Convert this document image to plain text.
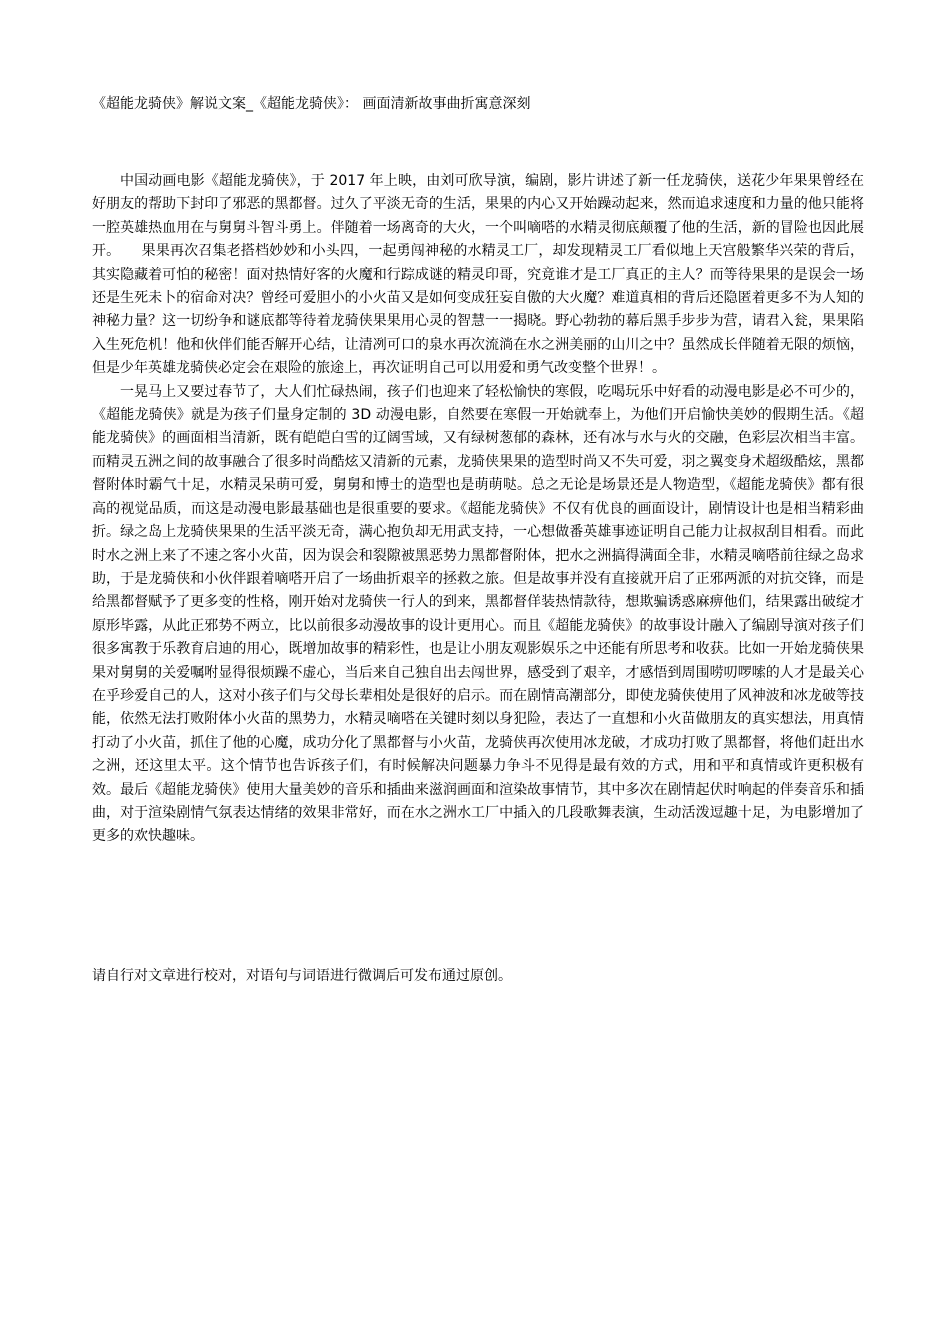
《超能龙骑侠》解说文案_《超能龙骑侠》： 画面清新故事曲折寓意深刻

中国动画电影《超能龙骑侠》，于 2017 年上映，由刘可欣导演，编剧，影片讲述了新一任龙骑侠，送花少年果果曾经在好朋友的帮助下封印了邪恶的黑都督。过久了平淡无奇的生活，果果的内心又开始躁动起来，然而追求速度和力量的他只能将一腔英雄热血用在与舅舅斗智斗勇上。伴随着一场离奇的大火，一个叫嘀嗒的水精灵彻底颠覆了他的生活，新的冒险也因此展开。　　果果再次召集老搭档妙妙和小头四，一起勇闯神秘的水精灵工厂，却发现精灵工厂看似地上天宫般繁华兴荣的背后，其实隐藏着可怕的秘密！面对热情好客的火魔和行踪成谜的精灵印哥，究竟谁才是工厂真正的主人？而等待果果的是误会一场还是生死未卜的宿命对决？曾经可爱胆小的小火苗又是如何变成狂妄自傲的大火魔？难道真相的背后还隐匿着更多不为人知的神秘力量？这一切纷争和谜底都等待着龙骑侠果果用心灵的智慧一一揭晓。野心勃勃的幕后黑手步步为营，请君入瓮，果果陷入生死危机！他和伙伴们能否解开心结，让清冽可口的泉水再次流淌在水之洲美丽的山川之中？虽然成长伴随着无限的烦恼，但是少年英雄龙骑侠必定会在艰险的旅途上，再次证明自己可以用爱和勇气改变整个世界！。

一晃马上又要过春节了，大人们忙碌热闹，孩子们也迎来了轻松愉快的寒假，吃喝玩乐中好看的动漫电影是必不可少的，《超能龙骑侠》就是为孩子们量身定制的 3D 动漫电影，自然要在寒假一开始就奉上，为他们开启愉快美妙的假期生活。《超能龙骑侠》的画面相当清新，既有皑皑白雪的辽阔雪域，又有绿树葱郁的森林，还有冰与水与火的交融，色彩层次相当丰富。而精灵五洲之间的故事融合了很多时尚酷炫又清新的元素，龙骑侠果果的造型时尚又不失可爱，羽之翼变身术超级酷炫，黑都督附体时霸气十足，水精灵呆萌可爱，舅舅和博士的造型也是萌萌哒。总之无论是场景还是人物造型，《超能龙骑侠》都有很高的视觉品质，而这是动漫电影最基础也是很重要的要求。《超能龙骑侠》不仅有优良的画面设计，剧情设计也是相当精彩曲折。绿之岛上龙骑侠果果的生活平淡无奇，满心抱负却无用武支持，一心想做番英雄事迹证明自己能力让叔叔刮目相看。而此时水之洲上来了不速之客小火苗，因为误会和裂隙被黑恶势力黑都督附体，把水之洲搞得满面全非，水精灵嘀嗒前往绿之岛求助，于是龙骑侠和小伙伴跟着嘀嗒开启了一场曲折艰辛的拯救之旅。但是故事并没有直接就开启了正邪两派的对抗交锋，而是给黑都督赋予了更多变的性格，刚开始对龙骑侠一行人的到来，黑都督佯装热情款待，想欺骗诱惑麻痹他们，结果露出破绽才原形毕露，从此正邪势不两立，比以前很多动漫故事的设计更用心。而且《超能龙骑侠》的故事设计融入了编剧导演对孩子们很多寓教于乐教育启迪的用心，既增加故事的精彩性，也是让小朋友观影娱乐之中还能有所思考和收获。比如一开始龙骑侠果果对舅舅的关爱嘱咐显得很烦躁不虚心，当后来自己独自出去闯世界，感受到了艰辛，才感悟到周围唠叨啰嗦的人才是最关心在乎珍爱自己的人，这对小孩子们与父母长辈相处是很好的启示。而在剧情高潮部分，即使龙骑侠使用了风神波和冰龙破等技能，依然无法打败附体小火苗的黑势力，水精灵嘀嗒在关键时刻以身犯险，表达了一直想和小火苗做朋友的真实想法，用真情打动了小火苗，抓住了他的心魔，成功分化了黑都督与小火苗，龙骑侠再次使用冰龙破，才成功打败了黑都督，将他们赶出水之洲，还这里太平。这个情节也告诉孩子们，有时候解决问题暴力争斗不见得是最有效的方式，用和平和真情或许更积极有效。最后《超能龙骑侠》使用大量美妙的音乐和插曲来滋润画面和渲染故事情节，其中多次在剧情起伏时响起的伴奏音乐和插曲，对于渲染剧情气氛表达情绪的效果非常好，而在水之洲水工厂中插入的几段歌舞表演，生动活泼逗趣十足，为电影增加了更多的欢快趣味。

请自行对文章进行校对，对语句与词语进行微调后可发布通过原创。
